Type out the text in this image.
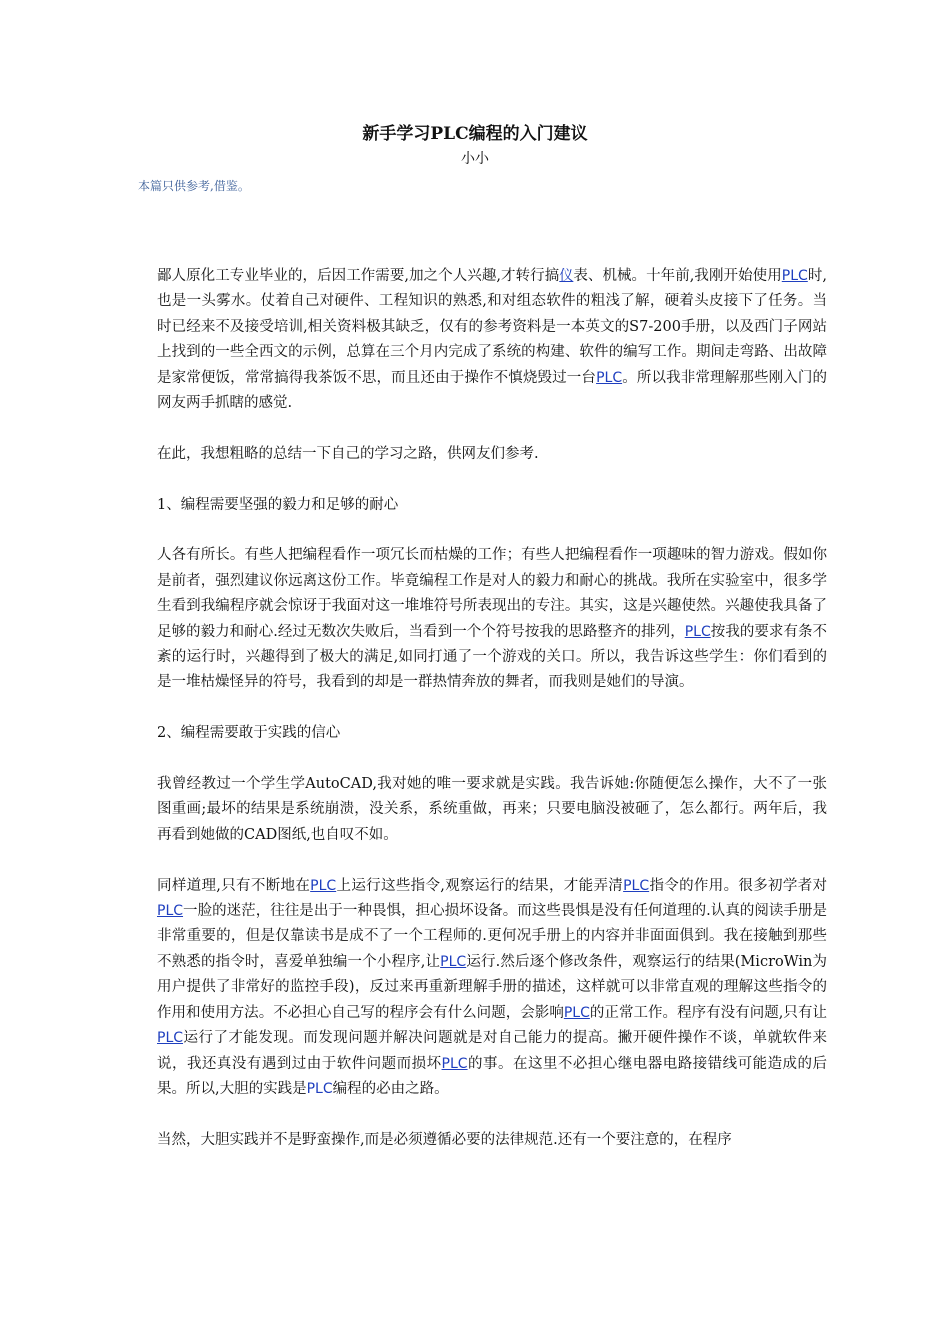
新手学习PLC编程的入门建议
小小
本篇只供参考,借鉴。

鄙人原化工专业毕业的，后因工作需要,加之个人兴趣,才转行搞仪表、机械。十年前,我刚开始使用PLC时,也是一头雾水。仗着自己对硬件、工程知识的熟悉,和对组态软件的粗浅了解，硬着头皮接下了任务。当时已经来不及接受培训,相关资料极其缺乏，仅有的参考资料是一本英文的S7-200手册，以及西门子网站上找到的一些全西文的示例，总算在三个月内完成了系统的构建、软件的编写工作。期间走弯路、出故障是家常便饭，常常搞得我茶饭不思，而且还由于操作不慎烧毁过一台PLC。所以我非常理解那些刚入门的网友两手抓瞎的感觉.

在此，我想粗略的总结一下自己的学习之路，供网友们参考.

1、编程需要坚强的毅力和足够的耐心

人各有所长。有些人把编程看作一项冗长而枯燥的工作；有些人把编程看作一项趣味的智力游戏。假如你是前者，强烈建议你远离这份工作。毕竟编程工作是对人的毅力和耐心的挑战。我所在实验室中，很多学生看到我编程序就会惊讶于我面对这一堆堆符号所表现出的专注。其实，这是兴趣使然。兴趣使我具备了足够的毅力和耐心.经过无数次失败后，当看到一个个符号按我的思路整齐的排列，PLC按我的要求有条不紊的运行时，兴趣得到了极大的满足,如同打通了一个游戏的关口。所以，我告诉这些学生：你们看到的是一堆枯燥怪异的符号，我看到的却是一群热情奔放的舞者，而我则是她们的导演。

2、编程需要敢于实践的信心

我曾经教过一个学生学AutoCAD,我对她的唯一要求就是实践。我告诉她:你随便怎么操作，大不了一张图重画;最坏的结果是系统崩溃，没关系，系统重做，再来；只要电脑没被砸了，怎么都行。两年后，我再看到她做的CAD图纸,也自叹不如。

同样道理,只有不断地在PLC上运行这些指令,观察运行的结果，才能弄清PLC指令的作用。很多初学者对PLC一脸的迷茫，往往是出于一种畏惧，担心损坏设备。而这些畏惧是没有任何道理的.认真的阅读手册是非常重要的，但是仅靠读书是成不了一个工程师的.更何况手册上的内容并非面面俱到。我在接触到那些不熟悉的指令时，喜爱单独编一个小程序,让PLC运行.然后逐个修改条件，观察运行的结果(MicroWin为用户提供了非常好的监控手段)，反过来再重新理解手册的描述，这样就可以非常直观的理解这些指令的作用和使用方法。不必担心自己写的程序会有什么问题，会影响PLC的正常工作。程序有没有问题,只有让PLC运行了才能发现。而发现问题并解决问题就是对自己能力的提高。撇开硬件操作不谈，单就软件来说，我还真没有遇到过由于软件问题而损坏PLC的事。在这里不必担心继电器电路接错线可能造成的后果。所以,大胆的实践是PLC编程的必由之路。

当然，大胆实践并不是野蛮操作,而是必须遵循必要的法律规范.还有一个要注意的，在程序
